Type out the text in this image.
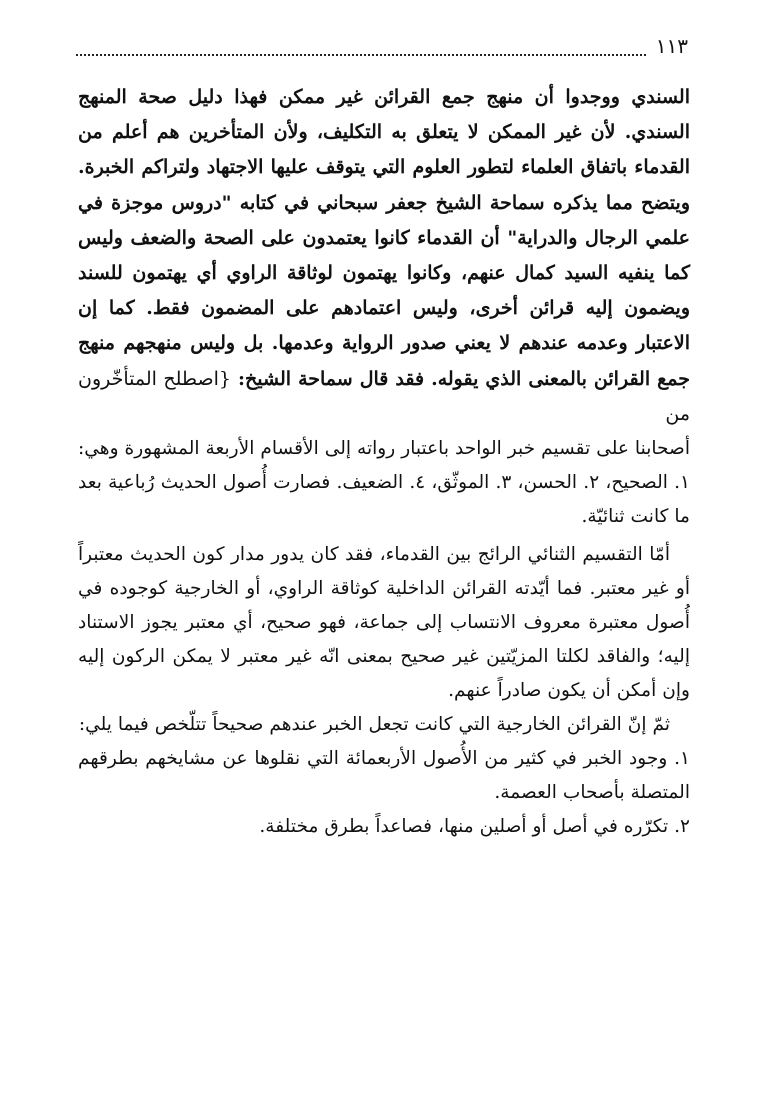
١١٣

السندي ووجدوا أن منهج جمع القرائن غير ممكن فهذا دليل صحة المنهج السندي. لأن غير الممكن لا يتعلق به التكليف، ولأن المتأخرين هم أعلم من القدماء باتفاق العلماء لتطور العلوم التي يتوقف عليها الاجتهاد ولتراكم الخبرة. ويتضح مما يذكره سماحة الشيخ جعفر سبحاني في كتابه "دروس موجزة في علمي الرجال والدراية" أن القدماء كانوا يعتمدون على الصحة والضعف وليس كما ينفيه السيد كمال عنهم، وكانوا يهتمون لوثاقة الراوي أي يهتمون للسند ويضمون إليه قرائن أخرى، وليس اعتمادهم على المضمون فقط. كما إن الاعتبار وعدمه عندهم لا يعني صدور الرواية وعدمها. بل وليس منهجهم منهج جمع القرائن بالمعنى الذي يقوله. فقد قال سماحة الشيخ: {اصطلح المتأخّرون من

أصحابنا على تقسيم خبر الواحد باعتبار رواته إلى الأقسام الأربعة المشهورة وهي: ١. الصحيح، ٢. الحسن، ٣. الموثّق، ٤. الضعيف. فصارت أُصول الحديث رُباعية بعد ما كانت ثنائيّة.

أمّا التقسيم الثنائي الرائج بين القدماء، فقد كان يدور مدار كون الحديث معتبراً أو غير معتبر. فما أيّدته القرائن الداخلية كوثاقة الراوي، أو الخارجية كوجوده في أُصول معتبرة معروف الانتساب إلى جماعة، فهو صحيح، أي معتبر يجوز الاستناد إليه؛ والفاقد لكلتا المزيّتين غير صحيح بمعنى انّه غير معتبر لا يمكن الركون إليه وإن أمكن أن يكون صادراً عنهم.

ثمّ إنّ القرائن الخارجية التي كانت تجعل الخبر عندهم صحيحاً تتلّخص فيما يلي:

١. وجود الخبر في كثير من الأُصول الأربعمائة التي نقلوها عن مشايخهم بطرقهم المتصلة بأصحاب العصمة.

٢. تكرّره في أصل أو أصلين منها، فصاعداً بطرق مختلفة.
